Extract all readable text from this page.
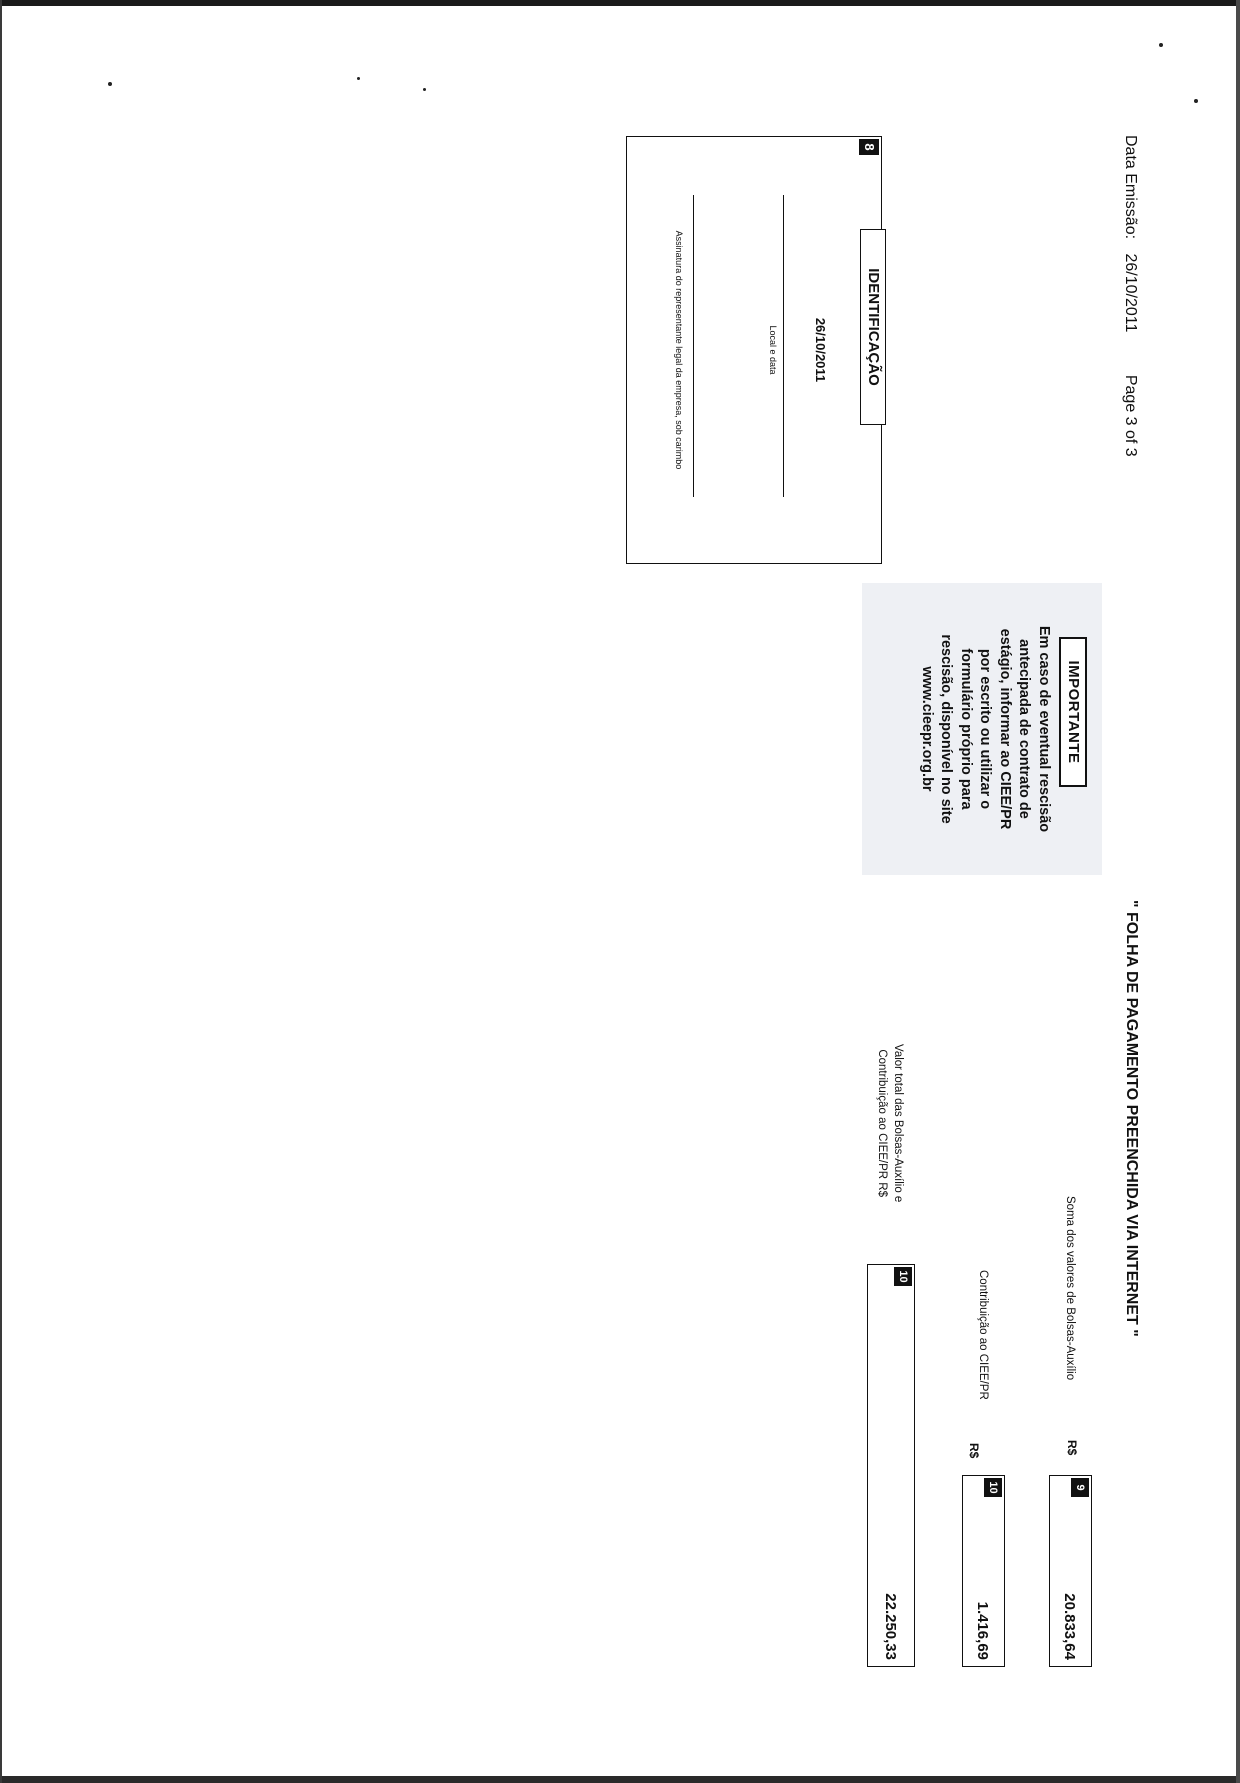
Data Emissão: 26/10/2011 Page 3 of 3
8
IDENTIFICAÇÃO
26/10/2011
Local e data
Assinatura do representante legal da empresa, sob carimbo
IMPORTANTE
Em caso de eventual rescisão
antecipada de contrato de
estágio, informar ao CIEE/PR
por escrito ou utilizar o
formulário próprio para
rescisão, disponível no site
www.cieepr.org.br
" FOLHA DE PAGAMENTO PREENCHIDA VIA INTERNET "
Soma dos valores de Bolsas-Auxílio
R$
9
20.833,64
Contribuição ao CIEE/PR
R$
10
1.416,69
Valor total das Bolsas-Auxílio e
Contribuição ao CIEE/PR R$
10
22.250,33
